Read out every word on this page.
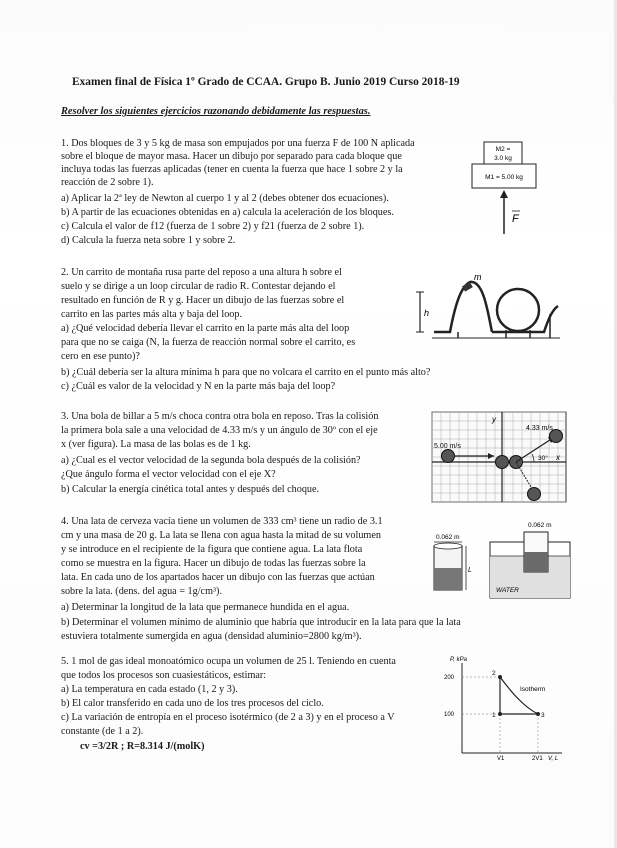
Examen final de Física 1º Grado de CCAA. Grupo B. Junio 2019 Curso 2018-19
Resolver los siguientes ejercicios razonando debidamente las respuestas.
1. Dos bloques de 3 y 5 kg de masa son empujados por una fuerza F de 100 N aplicada
sobre el bloque de mayor masa. Hacer un dibujo por separado para cada bloque que
incluya todas las fuerzas aplicadas (tener en cuenta la fuerza que hace 1 sobre 2 y la
reacción de 2 sobre 1).
a) Aplicar la 2ª ley de Newton al cuerpo 1 y al 2 (debes obtener dos ecuaciones).
b) A partir de las ecuaciones obtenidas en a) calcula la aceleración de los bloques.
c) Calcula el valor de f12 (fuerza de 1 sobre 2) y f21 (fuerza de 2 sobre 1).
d) Calcula la fuerza neta sobre 1 y sobre 2.
M2 =
3.0 kg
M1 = 5.00 kg
F
2. Un carrito de montaña rusa parte del reposo a una altura h sobre el
suelo y se dirige a un loop circular de radio R. Contestar dejando el
resultado en función de R y g. Hacer un dibujo de las fuerzas sobre el
carrito en las partes más alta y baja del loop.
a) ¿Qué velocidad debería llevar el carrito en la parte más alta del loop
para que no se caiga (N, la fuerza de reacción normal sobre el carrito, es
cero en ese punto)?
b) ¿Cuál debería ser la altura mínima h para que no volcara el carrito en el punto más alto?
c) ¿Cuál es valor de la velocidad y N en la parte más baja del loop?
h
m
3. Una bola de billar a 5 m/s choca contra otra bola en reposo. Tras la colisión
la primera bola sale a una velocidad de 4.33 m/s y un ángulo de 30º con el eje
x (ver figura). La masa de las bolas es de 1 kg.
a) ¿Cual es el vector velocidad de la segunda bola después de la colisión?
¿Que ángulo forma el vector velocidad con el eje X?
b) Calcular la energía cinética total antes y después del choque.
y
x
5.00 m/s
4.33 m/s
30°
4. Una lata de cerveza vacía tiene un volumen de 333 cm³ tiene un radio de 3.1
cm y una masa de 20 g. La lata se llena con agua hasta la mitad de su volumen
y se introduce en el recipiente de la figura que contiene agua. La lata flota
como se muestra en la figura. Hacer un dibujo de todas las fuerzas sobre la
lata. En cada uno de los apartados hacer un dibujo con las fuerzas que actúan
sobre la lata. (dens. del agua = 1g/cm³).
a) Determinar la longitud de la lata que permanece hundida en el agua.
b) Determinar el volumen mínimo de aluminio que habría que introducir en la lata para que la lata
estuviera totalmente sumergida en agua (densidad aluminio=2800 kg/m³).
0.062 m
L
0.062 m
WATER
5. 1 mol de gas ideal monoatómico ocupa un volumen de 25 l. Teniendo en cuenta
que todos los procesos son cuasiestáticos, estimar:
a) La temperatura en cada estado (1, 2 y 3).
b) El calor transferido en cada uno de los tres procesos del ciclo.
c) La variación de entropía en el proceso isotérmico (de 2 a 3) y en el proceso a V
constante (de 1 a 2).
cv =3/2R ; R=8.314 J/(molK)
P, kPa
200
100
2
1	3
Isotherm
V1	2V1 V, L
